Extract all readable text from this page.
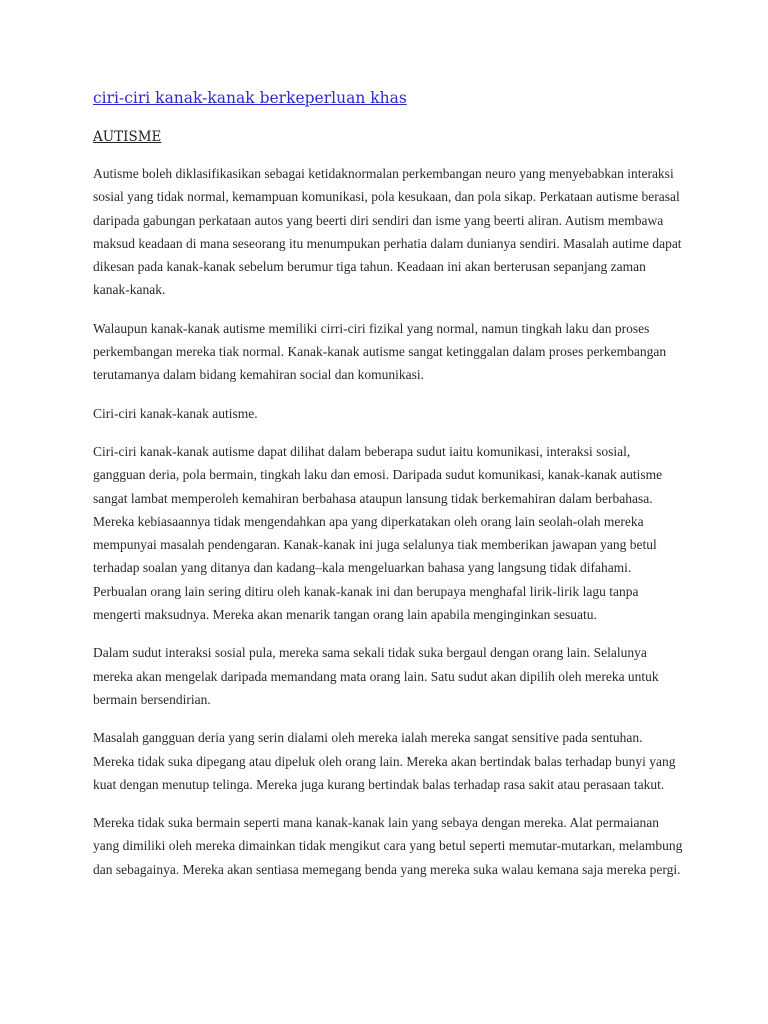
ciri-ciri kanak-kanak berkeperluan khas
AUTISME

Autisme boleh diklasifikasikan sebagai ketidaknormalan perkembangan neuro yang menyebabkan interaksi sosial yang tidak normal, kemampuan komunikasi, pola kesukaan, dan pola sikap. Perkataan autisme berasal daripada gabungan perkataan autos yang beerti diri sendiri dan isme yang beerti aliran. Autism membawa maksud keadaan di mana seseorang itu menumpukan perhatia dalam dunianya sendiri. Masalah autime dapat dikesan pada kanak-kanak sebelum berumur tiga tahun. Keadaan ini akan berterusan sepanjang zaman kanak-kanak.

Walaupun kanak-kanak autisme memiliki cirri-ciri fizikal yang normal, namun tingkah laku dan proses perkembangan mereka tiak normal. Kanak-kanak autisme sangat ketinggalan dalam proses perkembangan terutamanya dalam bidang kemahiran social dan komunikasi.

Ciri-ciri kanak-kanak autisme.

Ciri-ciri kanak-kanak autisme dapat dilihat dalam beberapa sudut iaitu komunikasi, interaksi sosial, gangguan deria, pola bermain, tingkah laku dan emosi. Daripada sudut komunikasi, kanak-kanak autisme sangat lambat memperoleh kemahiran berbahasa ataupun lansung tidak berkemahiran dalam berbahasa. Mereka kebiasaannya tidak mengendahkan apa yang diperkatakan oleh orang lain seolah-olah mereka mempunyai masalah pendengaran. Kanak-kanak ini juga selalunya tiak memberikan jawapan yang betul terhadap soalan yang ditanya dan kadang–kala mengeluarkan bahasa yang langsung tidak difahami. Perbualan orang lain sering ditiru oleh kanak-kanak ini dan berupaya menghafal lirik-lirik lagu tanpa mengerti maksudnya. Mereka akan menarik tangan orang lain apabila menginginkan sesuatu.

Dalam sudut interaksi sosial pula, mereka sama sekali tidak suka bergaul dengan orang lain. Selalunya mereka akan mengelak daripada memandang mata orang lain. Satu sudut akan dipilih oleh mereka untuk bermain bersendirian.

Masalah gangguan deria yang serin dialami oleh mereka ialah mereka sangat sensitive pada sentuhan. Mereka tidak suka dipegang atau dipeluk oleh orang lain. Mereka akan bertindak balas terhadap bunyi yang kuat dengan menutup telinga. Mereka juga kurang bertindak balas terhadap rasa sakit atau perasaan takut.

Mereka tidak suka bermain seperti mana kanak-kanak lain yang sebaya dengan mereka. Alat permaianan yang dimiliki oleh mereka dimainkan tidak mengikut cara yang betul seperti memutar-mutarkan, melambung dan sebagainya. Mereka akan sentiasa memegang benda yang mereka suka walau kemana saja mereka pergi.
